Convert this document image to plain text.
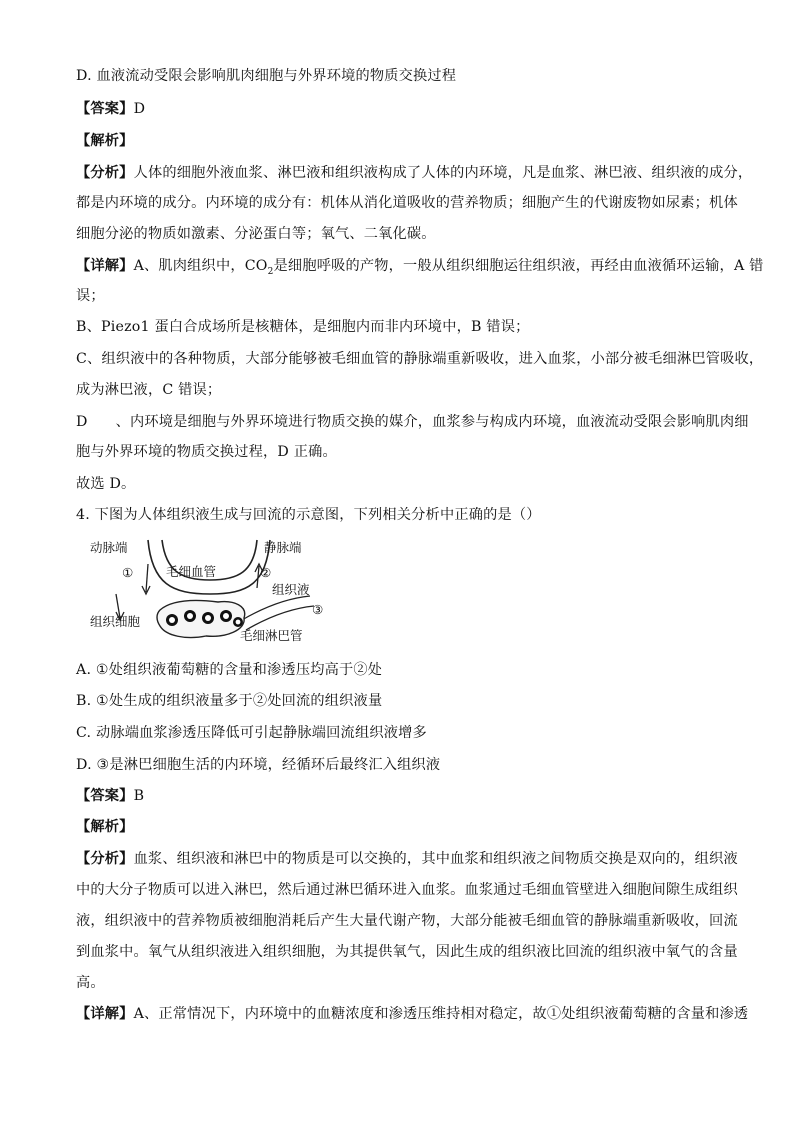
D. 血液流动受限会影响肌肉细胞与外界环境的物质交换过程
【答案】D
【解析】
【分析】人体的细胞外液血浆、淋巴液和组织液构成了人体的内环境，凡是血浆、淋巴液、组织液的成分，
都是内环境的成分。内环境的成分有：机体从消化道吸收的营养物质；细胞产生的代谢废物如尿素；机体
细胞分泌的物质如激素、分泌蛋白等；氧气、二氧化碳。
【详解】A、肌肉组织中，$CO_2$是细胞呼吸的产物，一般从组织细胞运往组织液，再经由血液循环运输，A 错
误；
B、Piezo1 蛋白合成场所是核糖体，是细胞内而非内环境中，B 错误；
C、组织液中的各种物质，大部分能够被毛细血管的静脉端重新吸收，进入血浆，小部分被毛细淋巴管吸收，
成为淋巴液，C 错误；
D 、内环境是细胞与外界环境进行物质交换的媒介，血浆参与构成内环境，血液流动受限会影响肌肉细
胞与外界环境的物质交换过程，D 正确。
故选 D。
4. 下图为人体组织液生成与回流的示意图，下列相关分析中正确的是（）
动脉端	静脉端
①	毛细血管	②
组织液
③
组织细胞
毛细淋巴管
A. ①处组织液葡萄糖的含量和渗透压均高于②处
B. ①处生成的组织液量多于②处回流的组织液量
C. 动脉端血浆渗透压降低可引起静脉端回流组织液增多
D. ③是淋巴细胞生活的内环境，经循环后最终汇入组织液
【答案】B
【解析】
【分析】血浆、组织液和淋巴中的物质是可以交换的，其中血浆和组织液之间物质交换是双向的，组织液
中的大分子物质可以进入淋巴，然后通过淋巴循环进入血浆。血浆通过毛细血管壁进入细胞间隙生成组织
液，组织液中的营养物质被细胞消耗后产生大量代谢产物，大部分能被毛细血管的静脉端重新吸收，回流
到血浆中。氧气从组织液进入组织细胞，为其提供氧气，因此生成的组织液比回流的组织液中氧气的含量
高。
【详解】A、正常情况下，内环境中的血糖浓度和渗透压维持相对稳定，故①处组织液葡萄糖的含量和渗透
